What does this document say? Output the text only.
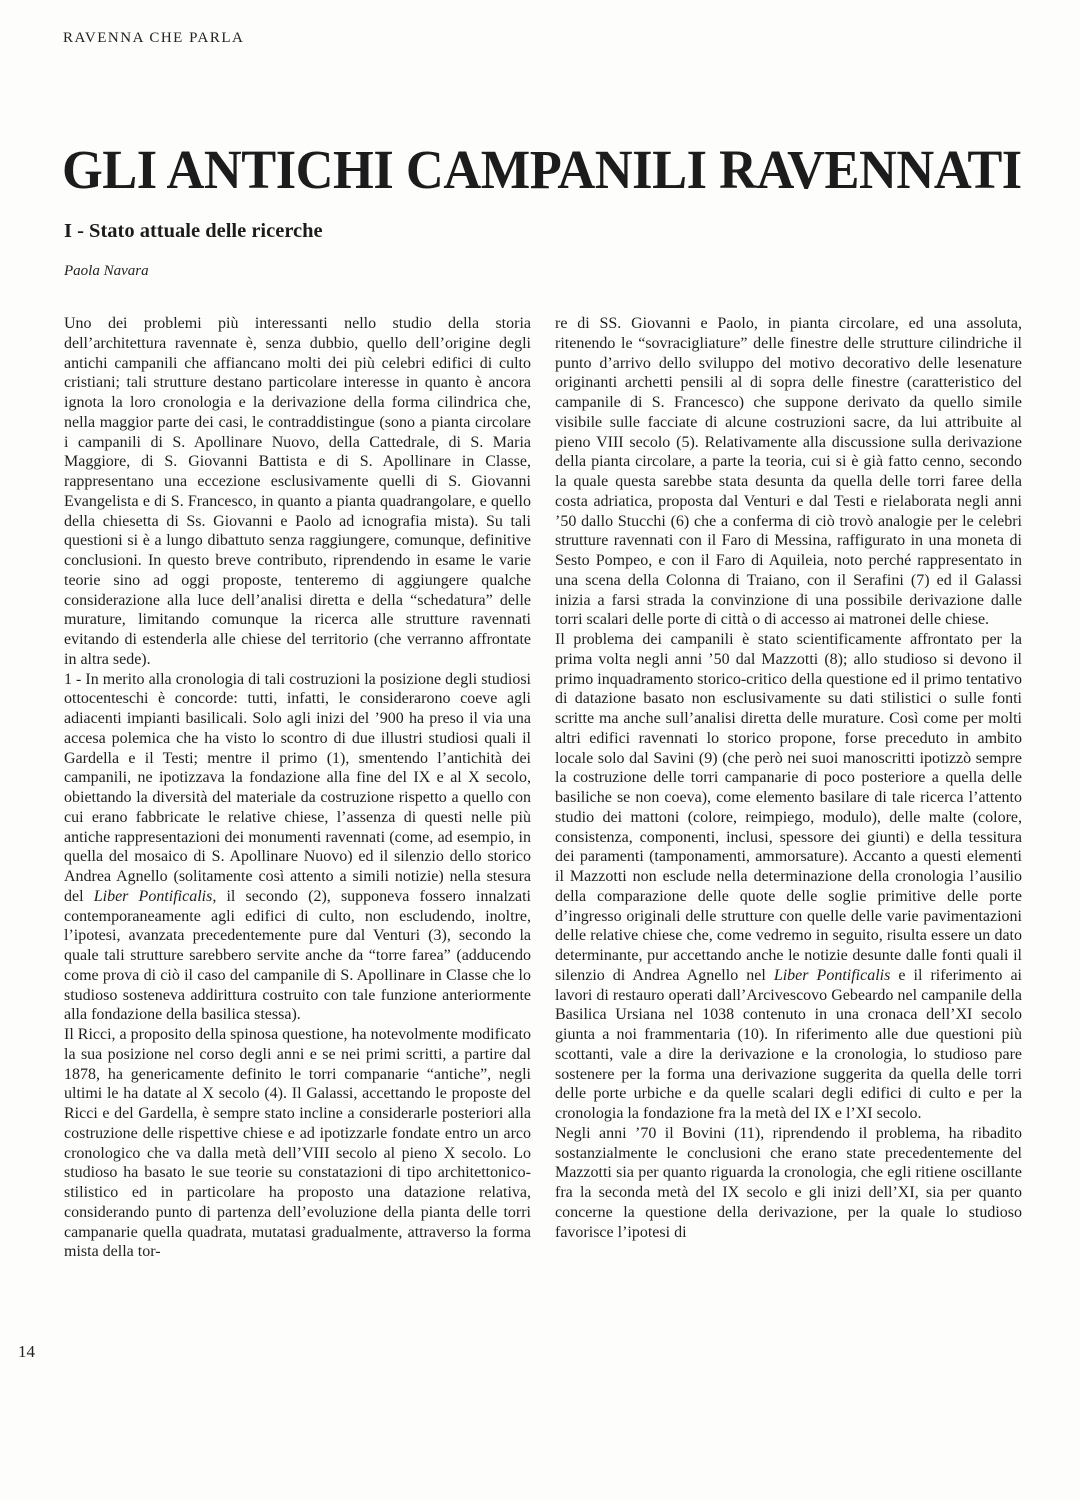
RAVENNA CHE PARLA
GLI ANTICHI CAMPANILI RAVENNATI
I - Stato attuale delle ricerche

Paola Navara

Uno dei problemi più interessanti nello studio della storia dell’architettura ravennate è, senza dubbio, quello dell’origine degli antichi campanili che affiancano molti dei più celebri edifici di culto cristiani; tali strutture destano particolare interesse in quanto è ancora ignota la loro cronologia e la derivazione della forma cilindrica che, nella maggior parte dei casi, le contraddistingue (sono a pianta circolare i campanili di S. Apollinare Nuovo, della Cattedrale, di S. Maria Maggiore, di S. Giovanni Battista e di S. Apollinare in Classe, rappresentano una eccezione esclusivamente quelli di S. Giovanni Evangelista e di S. Francesco, in quanto a pianta quadrangolare, e quello della chiesetta di Ss. Giovanni e Paolo ad icnografia mista). Su tali questioni si è a lungo dibattuto senza raggiungere, comunque, definitive conclusioni. In questo breve contributo, riprendendo in esame le varie teorie sino ad oggi proposte, tenteremo di aggiungere qualche considerazione alla luce dell’analisi diretta e della “schedatura” delle murature, limitando comunque la ricerca alle strutture ravennati evitando di estenderla alle chiese del territorio (che verranno affrontate in altra sede).

1 - In merito alla cronologia di tali costruzioni la posizione degli studiosi ottocenteschi è concorde: tutti, infatti, le considerarono coeve agli adiacenti impianti basilicali. Solo agli inizi del ’900 ha preso il via una accesa polemica che ha visto lo scontro di due illustri studiosi quali il Gardella e il Testi; mentre il primo (1), smentendo l’antichità dei campanili, ne ipotizzava la fondazione alla fine del IX e al X secolo, obiettando la diversità del materiale da costruzione rispetto a quello con cui erano fabbricate le relative chiese, l’assenza di questi nelle più antiche rappresentazioni dei monumenti ravennati (come, ad esempio, in quella del mosaico di S. Apollinare Nuovo) ed il silenzio dello storico Andrea Agnello (solitamente così attento a simili notizie) nella stesura del Liber Pontificalis, il secondo (2), supponeva fossero innalzati contemporaneamente agli edifici di culto, non escludendo, inoltre, l’ipotesi, avanzata precedentemente pure dal Venturi (3), secondo la quale tali strutture sarebbero servite anche da “torre farea” (adducendo come prova di ciò il caso del campanile di S. Apollinare in Classe che lo studioso sosteneva addirittura costruito con tale funzione anteriormente alla fondazione della basilica stessa).

Il Ricci, a proposito della spinosa questione, ha notevolmente modificato la sua posizione nel corso degli anni e se nei primi scritti, a partire dal 1878, ha genericamente definito le torri companarie “antiche”, negli ultimi le ha datate al X secolo (4). Il Galassi, accettando le proposte del Ricci e del Gardella, è sempre stato incline a considerarle posteriori alla costruzione delle rispettive chiese e ad ipotizzarle fondate entro un arco cronologico che va dalla metà dell’VIII secolo al pieno X secolo. Lo studioso ha basato le sue teorie su constatazioni di tipo architettonico-stilistico ed in particolare ha proposto una datazione relativa, considerando punto di partenza dell’evoluzione della pianta delle torri campanarie quella quadrata, mutatasi gradualmente, attraverso la forma mista della tor-

re di SS. Giovanni e Paolo, in pianta circolare, ed una assoluta, ritenendo le “sovracigliature” delle finestre delle strutture cilindriche il punto d’arrivo dello sviluppo del motivo decorativo delle lesenature originanti archetti pensili al di sopra delle finestre (caratteristico del campanile di S. Francesco) che suppone derivato da quello simile visibile sulle facciate di alcune costruzioni sacre, da lui attribuite al pieno VIII secolo (5). Relativamente alla discussione sulla derivazione della pianta circolare, a parte la teoria, cui si è già fatto cenno, secondo la quale questa sarebbe stata desunta da quella delle torri faree della costa adriatica, proposta dal Venturi e dal Testi e rielaborata negli anni ’50 dallo Stucchi (6) che a conferma di ciò trovò analogie per le celebri strutture ravennati con il Faro di Messina, raffigurato in una moneta di Sesto Pompeo, e con il Faro di Aquileia, noto perché rappresentato in una scena della Colonna di Traiano, con il Serafini (7) ed il Galassi inizia a farsi strada la convinzione di una possibile derivazione dalle torri scalari delle porte di città o di accesso ai matronei delle chiese.

Il problema dei campanili è stato scientificamente affrontato per la prima volta negli anni ’50 dal Mazzotti (8); allo studioso si devono il primo inquadramento storico-critico della questione ed il primo tentativo di datazione basato non esclusivamente su dati stilistici o sulle fonti scritte ma anche sull’analisi diretta delle murature. Così come per molti altri edifici ravennati lo storico propone, forse preceduto in ambito locale solo dal Savini (9) (che però nei suoi manoscritti ipotizzò sempre la costruzione delle torri campanarie di poco posteriore a quella delle basiliche se non coeva), come elemento basilare di tale ricerca l’attento studio dei mattoni (colore, reimpiego, modulo), delle malte (colore, consistenza, componenti, inclusi, spessore dei giunti) e della tessitura dei paramenti (tamponamenti, ammorsature). Accanto a questi elementi il Mazzotti non esclude nella determinazione della cronologia l’ausilio della comparazione delle quote delle soglie primitive delle porte d’ingresso originali delle strutture con quelle delle varie pavimentazioni delle relative chiese che, come vedremo in seguito, risulta essere un dato determinante, pur accettando anche le notizie desunte dalle fonti quali il silenzio di Andrea Agnello nel Liber Pontificalis e il riferimento ai lavori di restauro operati dall’Arcivescovo Gebeardo nel campanile della Basilica Ursiana nel 1038 contenuto in una cronaca dell’XI secolo giunta a noi frammentaria (10). In riferimento alle due questioni più scottanti, vale a dire la derivazione e la cronologia, lo studioso pare sostenere per la forma una derivazione suggerita da quella delle torri delle porte urbiche e da quelle scalari degli edifici di culto e per la cronologia la fondazione fra la metà del IX e l’XI secolo.

Negli anni ’70 il Bovini (11), riprendendo il problema, ha ribadito sostanzialmente le conclusioni che erano state precedentemente del Mazzotti sia per quanto riguarda la cronologia, che egli ritiene oscillante fra la seconda metà del IX secolo e gli inizi dell’XI, sia per quanto concerne la questione della derivazione, per la quale lo studioso favorisce l’ipotesi di

14
